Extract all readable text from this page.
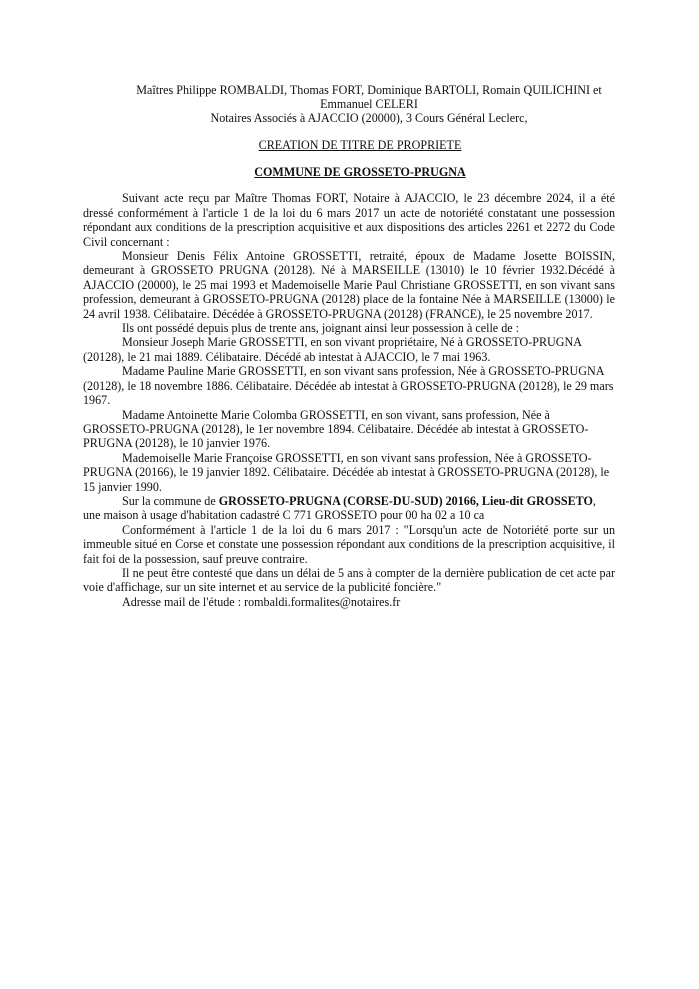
Maîtres Philippe ROMBALDI, Thomas FORT, Dominique BARTOLI, Romain QUILICHINI et
Emmanuel CELERI
Notaires Associés à AJACCIO (20000), 3 Cours Général Leclerc,
CREATION DE TITRE DE PROPRIETE
COMMUNE DE GROSSETO-PRUGNA

Suivant acte reçu par Maître Thomas FORT, Notaire à AJACCIO, le 23 décembre 2024, il a été dressé conformément à l'article 1 de la loi du 6 mars 2017 un acte de notoriété constatant une possession répondant aux conditions de la prescription acquisitive et aux dispositions des articles 2261 et 2272 du Code Civil concernant :

Monsieur Denis Félix Antoine GROSSETTI, retraité, époux de Madame Josette BOISSIN, demeurant à GROSSETO PRUGNA (20128). Né à MARSEILLE (13010) le 10 février 1932.Décédé à AJACCIO (20000), le 25 mai 1993 et Mademoiselle Marie Paul Christiane GROSSETTI, en son vivant sans profession, demeurant à GROSSETO-PRUGNA (20128) place de la fontaine Née à MARSEILLE (13000) le 24 avril 1938. Célibataire. Décédée à GROSSETO-PRUGNA (20128) (FRANCE), le 25 novembre 2017.

Ils ont possédé depuis plus de trente ans, joignant ainsi leur possession à celle de :

Monsieur Joseph Marie GROSSETTI, en son vivant propriétaire, Né à GROSSETO-PRUGNA (20128), le 21 mai 1889. Célibataire. Décédé ab intestat à AJACCIO, le 7 mai 1963.

Madame Pauline Marie GROSSETTI, en son vivant sans profession, Née à GROSSETO-PRUGNA (20128), le 18 novembre 1886. Célibataire. Décédée ab intestat à GROSSETO-PRUGNA (20128), le 29 mars 1967.

Madame Antoinette Marie Colomba GROSSETTI, en son vivant, sans profession, Née à GROSSETO-PRUGNA (20128), le 1er novembre 1894. Célibataire. Décédée ab intestat à GROSSETO-PRUGNA (20128), le 10 janvier 1976.

Mademoiselle Marie Françoise GROSSETTI, en son vivant sans profession, Née à GROSSETO-PRUGNA (20166), le 19 janvier 1892. Célibataire. Décédée ab intestat à GROSSETO-PRUGNA (20128), le 15 janvier 1990.

Sur la commune de GROSSETO-PRUGNA (CORSE-DU-SUD) 20166, Lieu-dit GROSSETO, une maison à usage d'habitation cadastré C 771 GROSSETO pour 00 ha 02 a 10 ca

Conformément à l'article 1 de la loi du 6 mars 2017 : "Lorsqu'un acte de Notoriété porte sur un immeuble situé en Corse et constate une possession répondant aux conditions de la prescription acquisitive, il fait foi de la possession, sauf preuve contraire.

Il ne peut être contesté que dans un délai de 5 ans à compter de la dernière publication de cet acte par voie d'affichage, sur un site internet et au service de la publicité foncière."

Adresse mail de l'étude : rombaldi.formalites@notaires.fr
